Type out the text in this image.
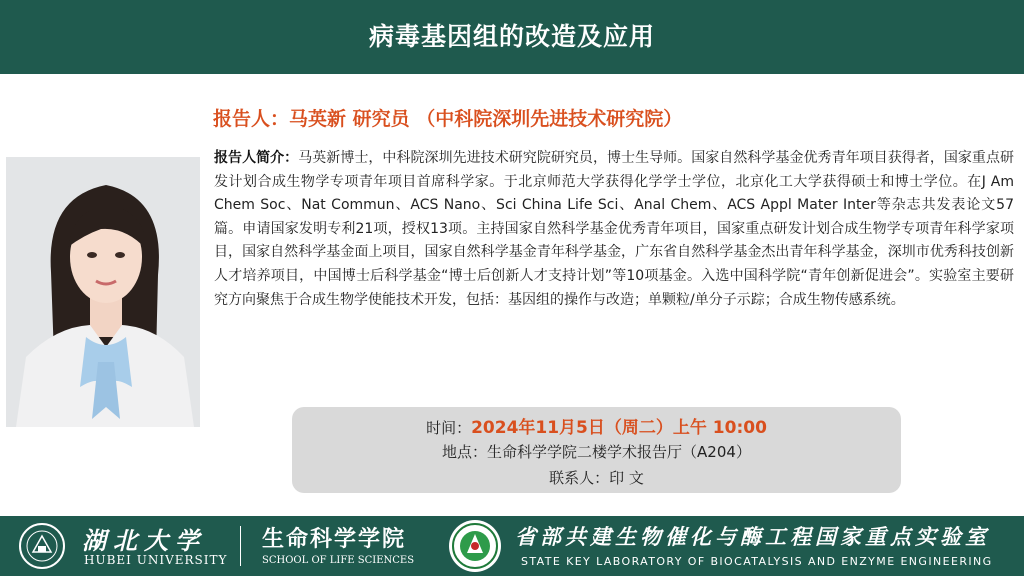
病毒基因组的改造及应用
报告人：马英新 研究员 （中科院深圳先进技术研究院）
报告人简介：马英新博士，中科院深圳先进技术研究院研究员，博士生导师。国家自然科学基金优秀青年项目获得者，国家重点研发计划合成生物学专项青年项目首席科学家。于北京师范大学获得化学学士学位，北京化工大学获得硕士和博士学位。在J Am Chem Soc、Nat Commun、ACS Nano、Sci China Life Sci、Anal Chem、ACS Appl Mater Inter等杂志共发表论文57篇。申请国家发明专利21项，授权13项。主持国家自然科学基金优秀青年项目，国家重点研发计划合成生物学专项青年科学家项目，国家自然科学基金面上项目，国家自然科学基金青年科学基金，广东省自然科学基金杰出青年科学基金，深圳市优秀科技创新人才培养项目，中国博士后科学基金“博士后创新人才支持计划”等10项基金。入选中国科学院“青年创新促进会”。实验室主要研究方向聚焦于合成生物学使能技术开发，包括：基因组的操作与改造；单颗粒/单分子示踪；合成生物传感系统。
时间：2024年11月5日（周二）上午 10:00
地点：生命科学学院二楼学术报告厅（A204）
联系人：印 文
湖北大学
HUBEI UNIVERSITY
生命科学学院
SCHOOL OF LIFE SCIENCES
省部共建生物催化与酶工程国家重点实验室
STATE KEY LABORATORY OF BIOCATALYSIS AND ENZYME ENGINEERING
